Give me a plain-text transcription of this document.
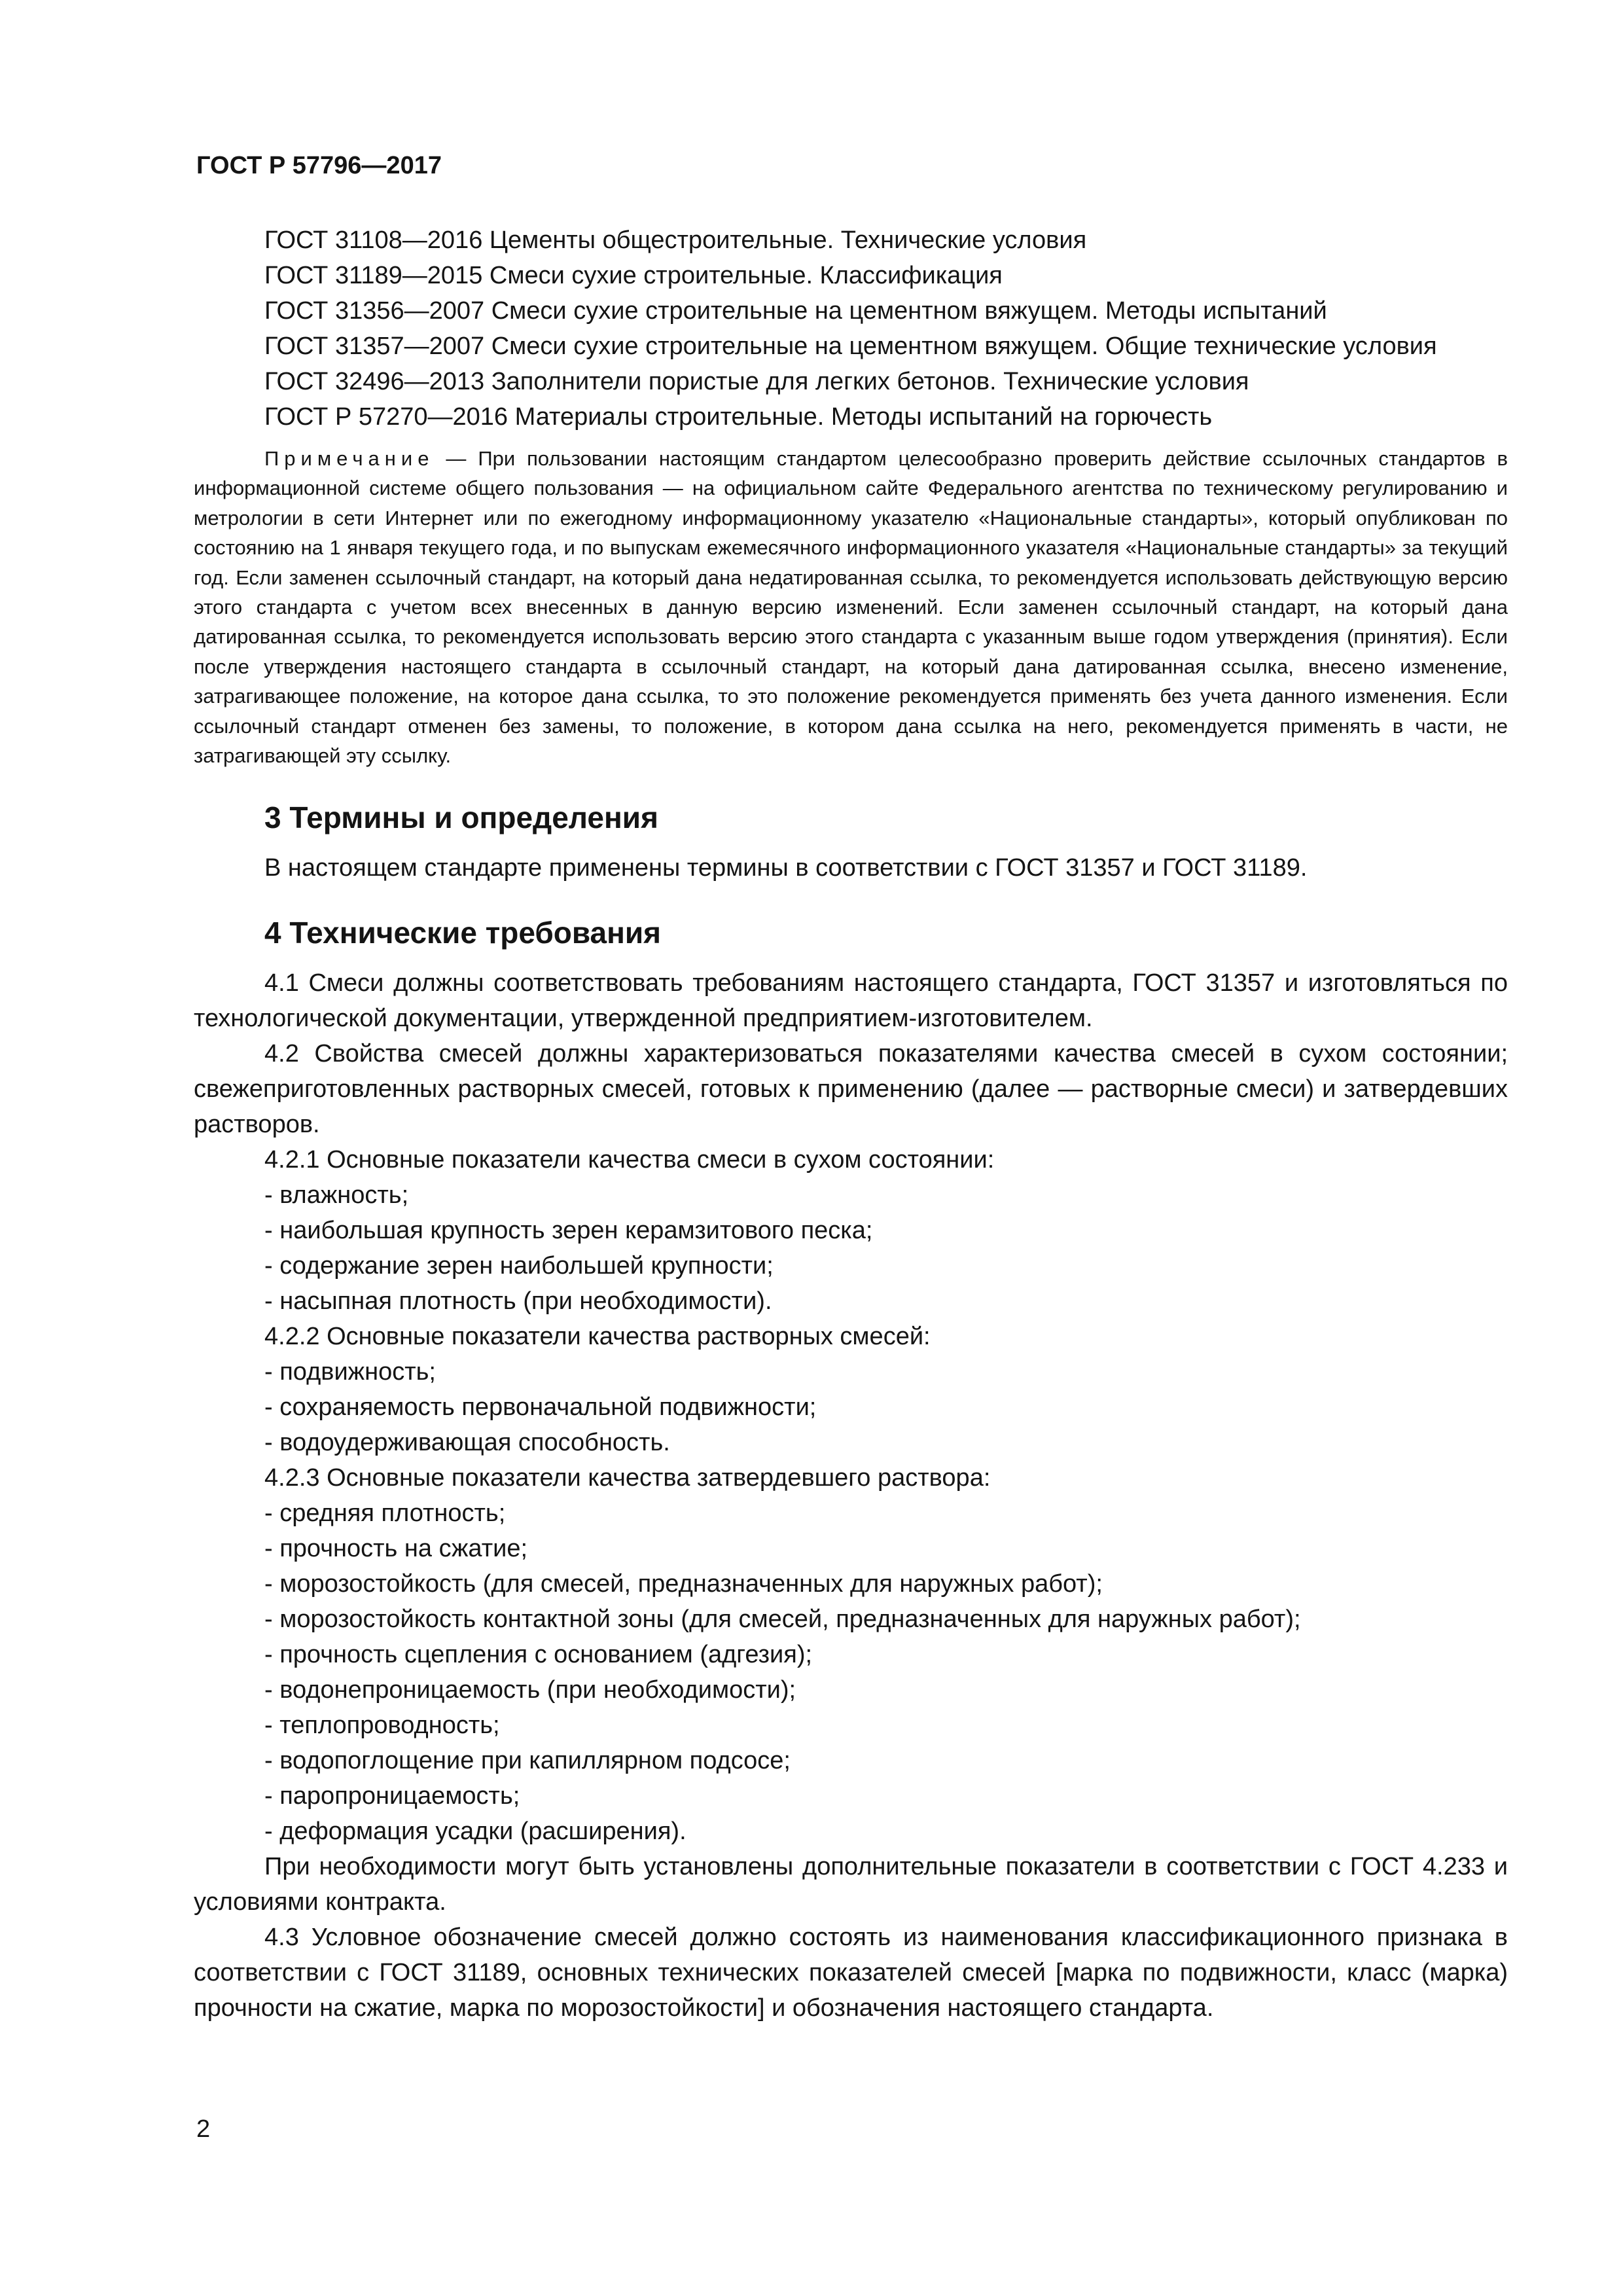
ГОСТ Р 57796—2017

ГОСТ 31108—2016 Цементы общестроительные. Технические условия

ГОСТ 31189—2015 Смеси сухие строительные. Классификация

ГОСТ 31356—2007 Смеси сухие строительные на цементном вяжущем. Методы испытаний

ГОСТ 31357—2007 Смеси сухие строительные на цементном вяжущем. Общие технические условия

ГОСТ 32496—2013 Заполнители пористые для легких бетонов. Технические условия

ГОСТ Р 57270—2016 Материалы строительные. Методы испытаний на горючесть

Примечание — При пользовании настоящим стандартом целесообразно проверить действие ссылочных стандартов в информационной системе общего пользования — на официальном сайте Федерального агентства по техническому регулированию и метрологии в сети Интернет или по ежегодному информационному указателю «Национальные стандарты», который опубликован по состоянию на 1 января текущего года, и по выпускам ежемесячного информационного указателя «Национальные стандарты» за текущий год. Если заменен ссылочный стандарт, на который дана недатированная ссылка, то рекомендуется использовать действующую версию этого стандарта с учетом всех внесенных в данную версию изменений. Если заменен ссылочный стандарт, на который дана датированная ссылка, то рекомендуется использовать версию этого стандарта с указанным выше годом утверждения (принятия). Если после утверждения настоящего стандарта в ссылочный стандарт, на который дана датированная ссылка, внесено изменение, затрагивающее положение, на которое дана ссылка, то это положение рекомендуется применять без учета данного изменения. Если ссылочный стандарт отменен без замены, то положение, в котором дана ссылка на него, рекомендуется применять в части, не затрагивающей эту ссылку.

3 Термины и определения

В настоящем стандарте применены термины в соответствии с ГОСТ 31357 и ГОСТ 31189.

4 Технические требования

4.1 Смеси должны соответствовать требованиям настоящего стандарта, ГОСТ 31357 и изготовляться по технологической документации, утвержденной предприятием-изготовителем.

4.2 Свойства смесей должны характеризоваться показателями качества смесей в сухом состоянии; свежеприготовленных растворных смесей, готовых к применению (далее — растворные смеси) и затвердевших растворов.

4.2.1 Основные показатели качества смеси в сухом состоянии:

- влажность;

- наибольшая крупность зерен керамзитового песка;

- содержание зерен наибольшей крупности;

- насыпная плотность (при необходимости).

4.2.2 Основные показатели качества растворных смесей:

- подвижность;

- сохраняемость первоначальной подвижности;

- водоудерживающая способность.

4.2.3 Основные показатели качества затвердевшего раствора:

- средняя плотность;

- прочность на сжатие;

- морозостойкость (для смесей, предназначенных для наружных работ);

- морозостойкость контактной зоны (для смесей, предназначенных для наружных работ);

- прочность сцепления с основанием (адгезия);

- водонепроницаемость (при необходимости);

- теплопроводность;

- водопоглощение при капиллярном подсосе;

- паропроницаемость;

- деформация усадки (расширения).

При необходимости могут быть установлены дополнительные показатели в соответствии с ГОСТ 4.233 и условиями контракта.

4.3 Условное обозначение смесей должно состоять из наименования классификационного признака в соответствии с ГОСТ 31189, основных технических показателей смесей [марка по подвижности, класс (марка) прочности на сжатие, марка по морозостойкости] и обозначения настоящего стандарта.

2
